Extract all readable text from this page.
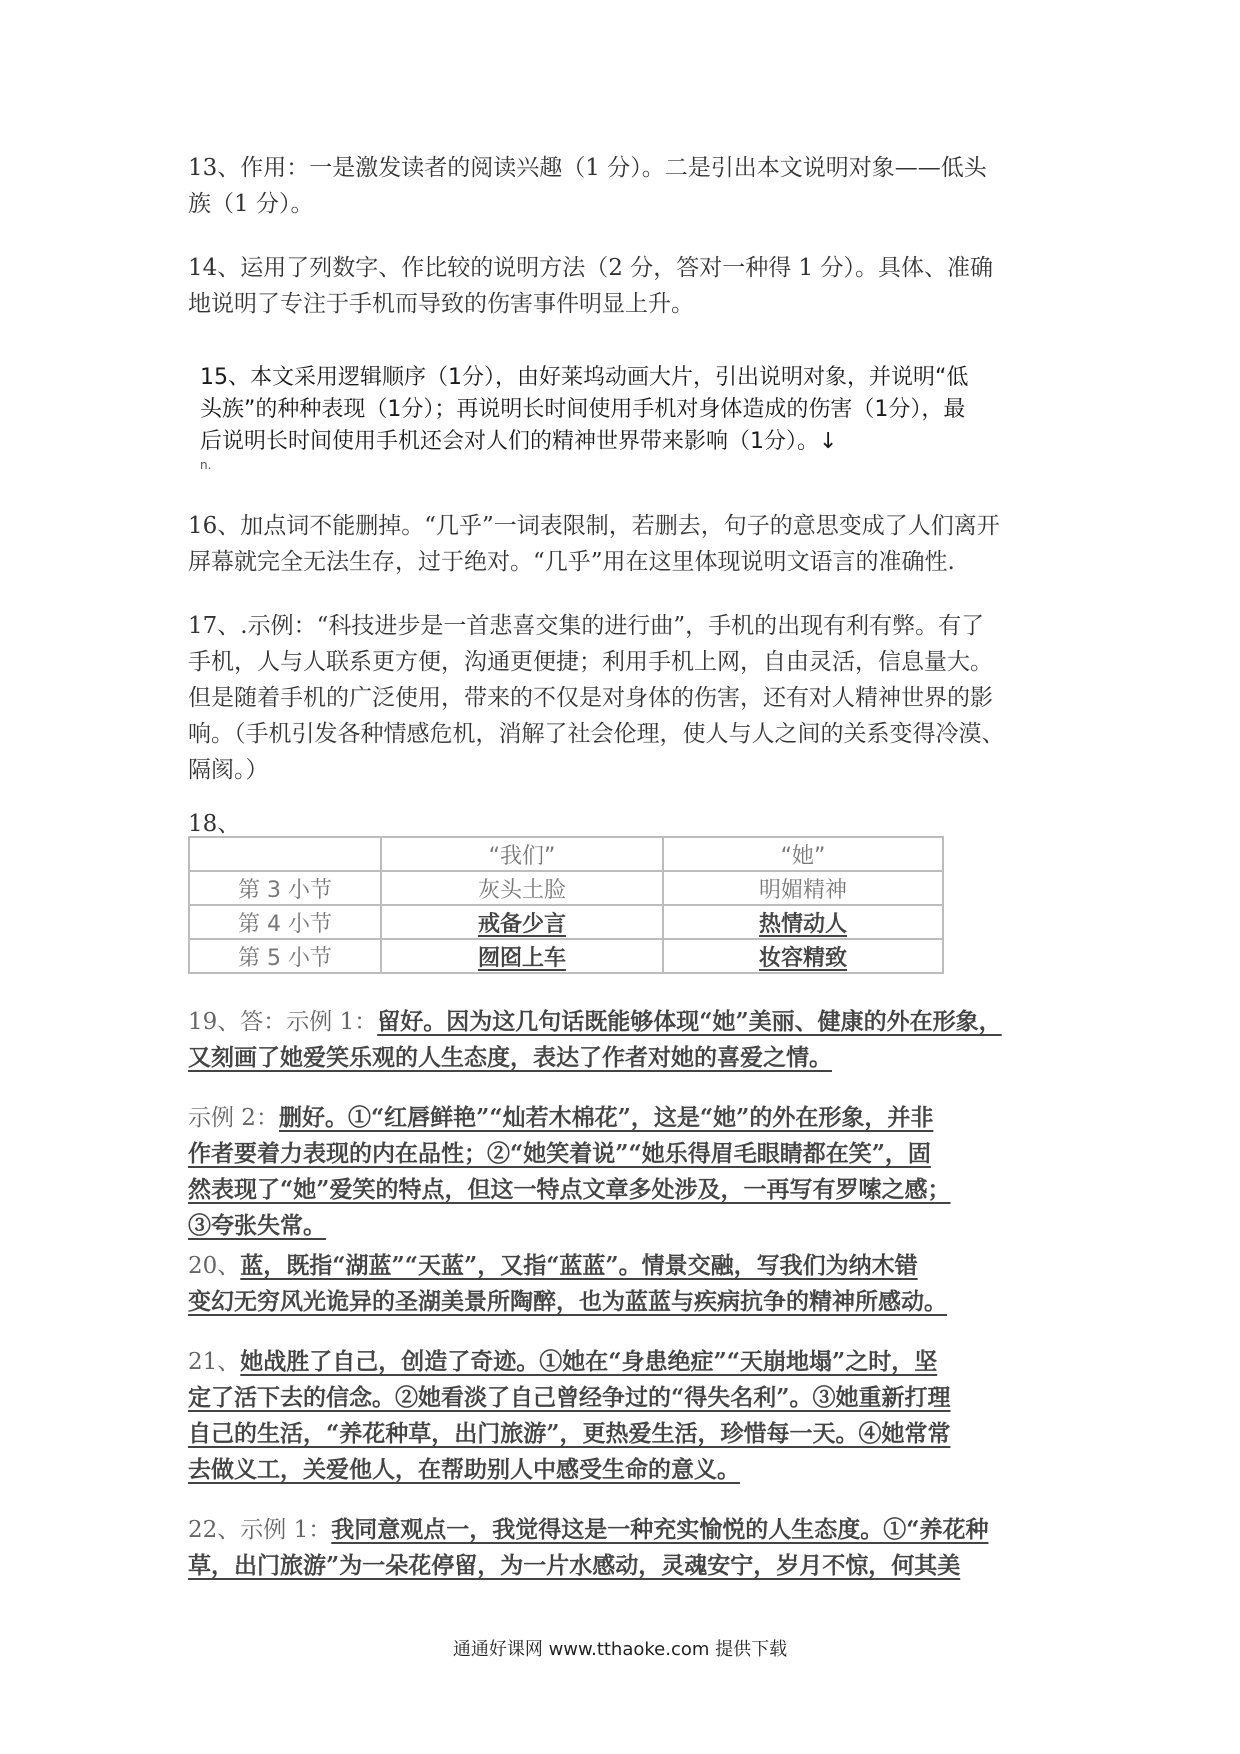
13、作用：一是激发读者的阅读兴趣（1 分）。二是引出本文说明对象——低头
族（1 分）。
14、运用了列数字、作比较的说明方法（2 分，答对一种得 1 分）。具体、准确
地说明了专注于手机而导致的伤害事件明显上升。
15、本文采用逻辑顺序（1分），由好莱坞动画大片，引出说明对象，并说明“低
头族”的种种表现（1分）；再说明长时间使用手机对身体造成的伤害（1分），最
后说明长时间使用手机还会对人们的精神世界带来影响（1分）。↓
n.
16、加点词不能删掉。“几乎”一词表限制，若删去，句子的意思变成了人们离开
屏幕就完全无法生存，过于绝对。“几乎”用在这里体现说明文语言的准确性.
17、.示例：“科技进步是一首悲喜交集的进行曲”，手机的出现有利有弊。有了
手机，人与人联系更方便，沟通更便捷；利用手机上网，自由灵活，信息量大。
但是随着手机的广泛使用，带来的不仅是对身体的伤害，还有对人精神世界的影
响。（手机引发各种情感危机，消解了社会伦理，使人与人之间的关系变得冷漠、
隔阂。）
18、
	“我们”	“她”
第 3 小节	灰头土脸	明媚精神
第 4 小节	戒备少言	热情动人
第 5 小节	囫囵上车	妆容精致
19、答：示例 1：留好。因为这几句话既能够体现“她”美丽、健康的外在形象，
又刻画了她爱笑乐观的人生态度，表达了作者对她的喜爱之情。
示例 2：删好。①“红唇鲜艳”“灿若木棉花”，这是“她”的外在形象，并非
作者要着力表现的内在品性；②“她笑着说”“她乐得眉毛眼睛都在笑”，固
然表现了“她”爱笑的特点，但这一特点文章多处涉及，一再写有罗嗦之感；
③夸张失常。
20、蓝，既指“湖蓝”“天蓝”，又指“蓝蓝”。情景交融，写我们为纳木错
变幻无穷风光诡异的圣湖美景所陶醉，也为蓝蓝与疾病抗争的精神所感动。
21、她战胜了自己，创造了奇迹。①她在“身患绝症”“天崩地塌”之时，坚
定了活下去的信念。②她看淡了自己曾经争过的“得失名利”。③她重新打理
自己的生活，“养花种草，出门旅游”，更热爱生活，珍惜每一天。④她常常
去做义工，关爱他人，在帮助别人中感受生命的意义。
22、示例 1：我同意观点一，我觉得这是一种充实愉悦的人生态度。①“养花种
草，出门旅游”为一朵花停留，为一片水感动，灵魂安宁，岁月不惊，何其美
通通好课网 www.tthaoke.com 提供下载
